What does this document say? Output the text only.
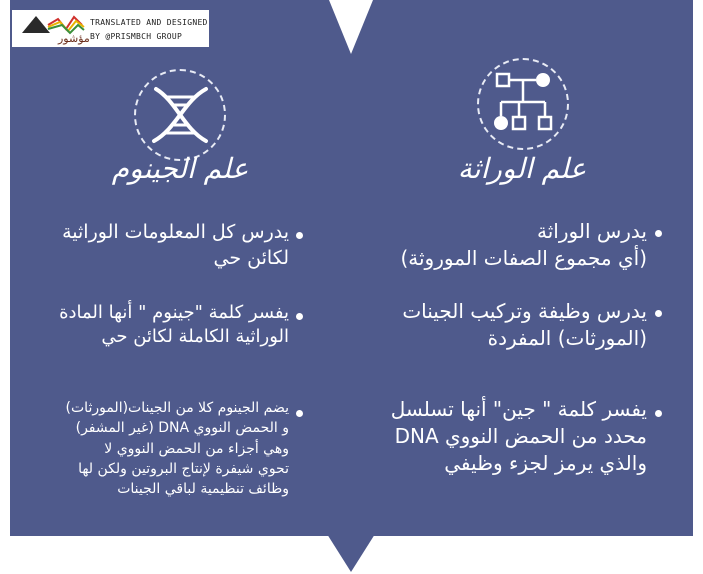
TRANSLATED AND DESIGNED
BY @PRISMBCH GROUP
مؤشور
علم الجينوم	علم الوراثة
يدرس الوراثة
(أي مجموع الصفات الموروثة)
يدرس وظيفة وتركيب الجينات
(المورثات) المفردة
يفسر كلمة " جين" أنها تسلسل
محدد من الحمض النووي DNA
والذي يرمز لجزء وظيفي
يدرس كل المعلومات الوراثية
لكائن حي
يفسر كلمة "جينوم " أنها المادة
الوراثية الكاملة لكائن حي
يضم الجينوم كلا من الجينات(المورثات)
و الحمض النووي DNA (غير المشفر)
وهي أجزاء من الحمض النووي لا
تحوي شيفرة لإنتاج البروتين ولكن لها
وظائف تنظيمية لباقي الجينات
